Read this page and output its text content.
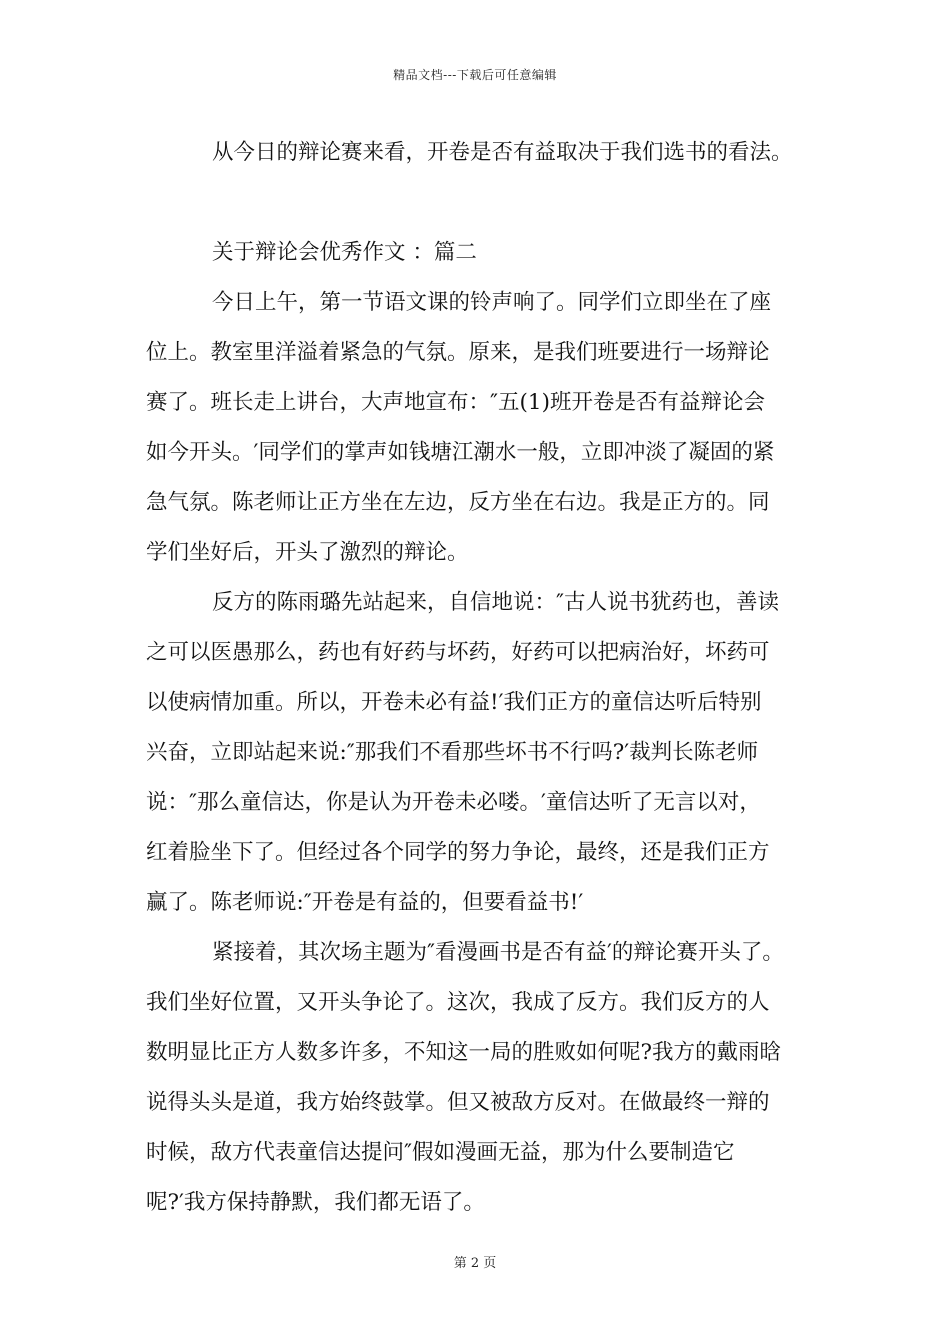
精品文档---下载后可任意编辑
从今日的辩论赛来看，开卷是否有益取决于我们选书的看法。
关于辩论会优秀作文 ：篇二
今日上午，第一节语文课的铃声响了。同学们立即坐在了座
位上。教室里洋溢着紧急的气氛。原来，是我们班要进行一场辩论
赛了。班长走上讲台，大声地宣布：″五(1)班开卷是否有益辩论会
如今开头。′同学们的掌声如钱塘江潮水一般，立即冲淡了凝固的紧
急气氛。陈老师让正方坐在左边，反方坐在右边。我是正方的。同
学们坐好后，开头了激烈的辩论。
反方的陈雨璐先站起来，自信地说：″古人说书犹药也，善读
之可以医愚那么，药也有好药与坏药，好药可以把病治好，坏药可
以使病情加重。所以，开卷未必有益!′我们正方的童信达听后特别
兴奋，立即站起来说:″那我们不看那些坏书不行吗?′裁判长陈老师
说：″那么童信达，你是认为开卷未必喽。′童信达听了无言以对，
红着脸坐下了。但经过各个同学的努力争论，最终，还是我们正方
赢了。陈老师说:″开卷是有益的，但要看益书!′
紧接着，其次场主题为″看漫画书是否有益′的辩论赛开头了。
我们坐好位置，又开头争论了。这次，我成了反方。我们反方的人
数明显比正方人数多许多，不知这一局的胜败如何呢?我方的戴雨晗
说得头头是道，我方始终鼓掌。但又被敌方反对。在做最终一辩的
时候，敌方代表童信达提问″假如漫画无益，那为什么要制造它
呢?′我方保持静默，我们都无语了。
第 2 页
